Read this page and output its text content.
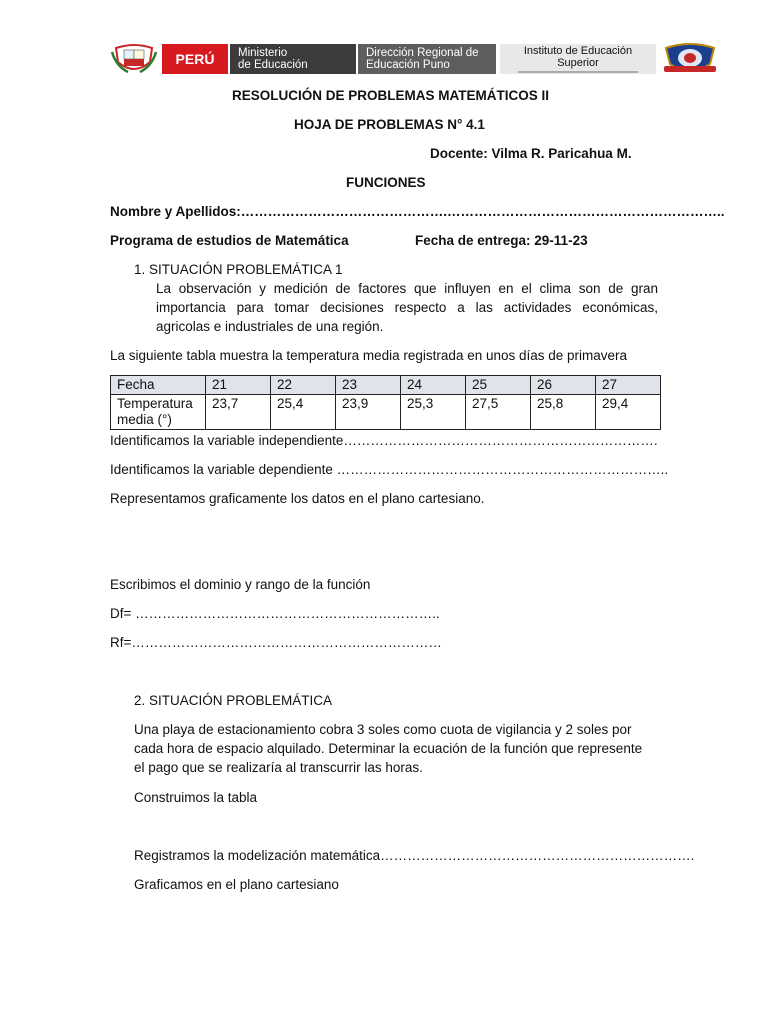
PERÚ Ministerio
de Educación
Dirección Regional de
Educación Puno
Instituto de Educación
Superior
RESOLUCIÓN DE PROBLEMAS MATEMÁTICOS II
HOJA DE PROBLEMAS N° 4.1
Docente: Vilma R. Paricahua M.
FUNCIONES
Nombre y Apellidos:……………………………………….……………………………………………………..
Programa de estudios de Matemática	Fecha de entrega: 29-11-23
1. SITUACIÓN PROBLEMÁTICA 1
La observación y medición de factores que influyen en el clima son de gran
importancia para tomar decisiones respecto a las actividades económicas,
agricolas e industriales de una región.
La siguiente tabla muestra la temperatura media registrada en unos días de primavera
Fecha	21	22	23	24	25	26	27

Temperatura
media (°)	23,7	25,4	23,9	25,3	27,5	25,8	29,4
Identificamos la variable independiente…………………………………………………………….
Identificamos la variable dependiente ………………………………………………………………..
Representamos graficamente los datos en el plano cartesiano.
Escribimos el dominio y rango de la función
Df= …………………………………………………………..
Rf=……………………………………………………………
2. SITUACIÓN PROBLEMÁTICA
Una playa de estacionamiento cobra 3 soles como cuota de vigilancia y 2 soles por
cada hora de espacio alquilado. Determinar la ecuación de la función que represente
el pago que se realizaría al transcurrir las horas.
Construimos la tabla
Registramos la modelización matemática…………………………………………………………….
Graficamos en el plano cartesiano
